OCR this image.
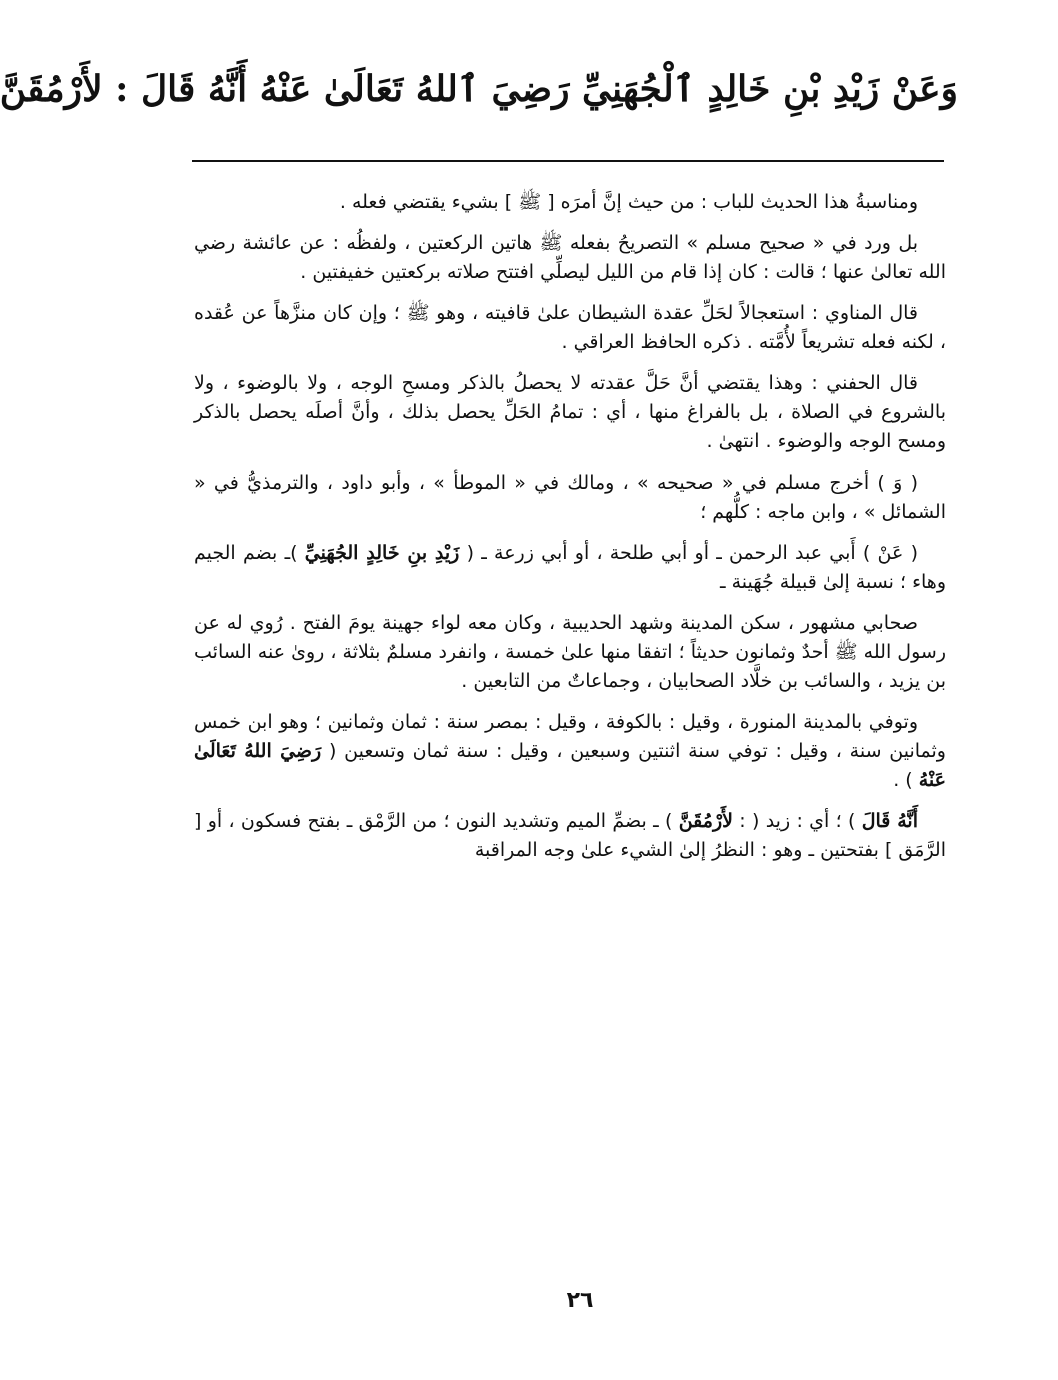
وَعَنْ زَيْدِ بْنِ خَالِدٍ ٱلْجُهَنِيِّ رَضِيَ ٱللهُ تَعَالَىٰ عَنْهُ أَنَّهُ قَالَ : لأَرْمُقَنَّ

ومناسبةُ هذا الحديث للباب : من حيث إنَّ أمرَه [ ﷺ ] بشيء يقتضي فعله .

بل ورد في « صحيح مسلم » التصريحُ بفعله ﷺ هاتين الركعتين ، ولفظُه : عن عائشة رضي الله تعالىٰ عنها ؛ قالت : كان إذا قام من الليل ليصلِّي افتتح صلاته بركعتين خفيفتين .

قال المناوي : استعجالاً لحَلِّ عقدة الشيطان علىٰ قافيته ، وهو ﷺ ؛ وإن كان منزَّهاً عن عُقده ، لكنه فعله تشريعاً لأُمَّته . ذكره الحافظ العراقي .

قال الحفني : وهذا يقتضي أنَّ حَلَّ عقدته لا يحصلُ بالذكر ومسحِ الوجه ، ولا بالوضوء ، ولا بالشروع في الصلاة ، بل بالفراغ منها ، أي : تمامُ الحَلِّ يحصل بذلك ، وأنَّ أصلَه يحصل بالذكر ومسح الوجه والوضوء . انتهىٰ .

( وَ ) أخرج مسلم في « صحيحه » ، ومالك في « الموطأ » ، وأبو داود ، والترمذيُّ في « الشمائل » ، وابن ماجه : كلُّهم ؛

( عَنْ ) أَبي عبد الرحمن ـ أو أبي طلحة ، أو أبي زرعة ـ ( زَيْدِ بنِ خَالِدٍ الجُهَنِيِّ )ـ بضم الجيم وهاء ؛ نسبة إلىٰ قبيلة جُهَينة ـ

صحابي مشهور ، سكن المدينة وشهد الحديبية ، وكان معه لواء جهينة يومَ الفتح . رُوي له عن رسول الله ﷺ أحدٌ وثمانون حديثاً ؛ اتفقا منها علىٰ خمسة ، وانفرد مسلمٌ بثلاثة ، روىٰ عنه السائب بن يزيد ، والسائب بن خلَّاد الصحابيان ، وجماعاتٌ من التابعين .

وتوفي بالمدينة المنورة ، وقيل : بالكوفة ، وقيل : بمصر سنة : ثمان وثمانين ؛ وهو ابن خمس وثمانين سنة ، وقيل : توفي سنة اثنتين وسبعين ، وقيل : سنة ثمان وتسعين ( رَضِيَ اللهُ تَعَالَىٰ عَنْهُ ) .

أَنَّهُ قَالَ ) ؛ أي : زيد ( : لأَرْمُقَنَّ ) ـ بضمِّ الميم وتشديد النون ؛ من الرَّمْق ـ بفتح فسكون ، أو [ الرَّمَق ] بفتحتين ـ وهو : النظرُ إلىٰ الشيء علىٰ وجه المراقبة

٢٦
